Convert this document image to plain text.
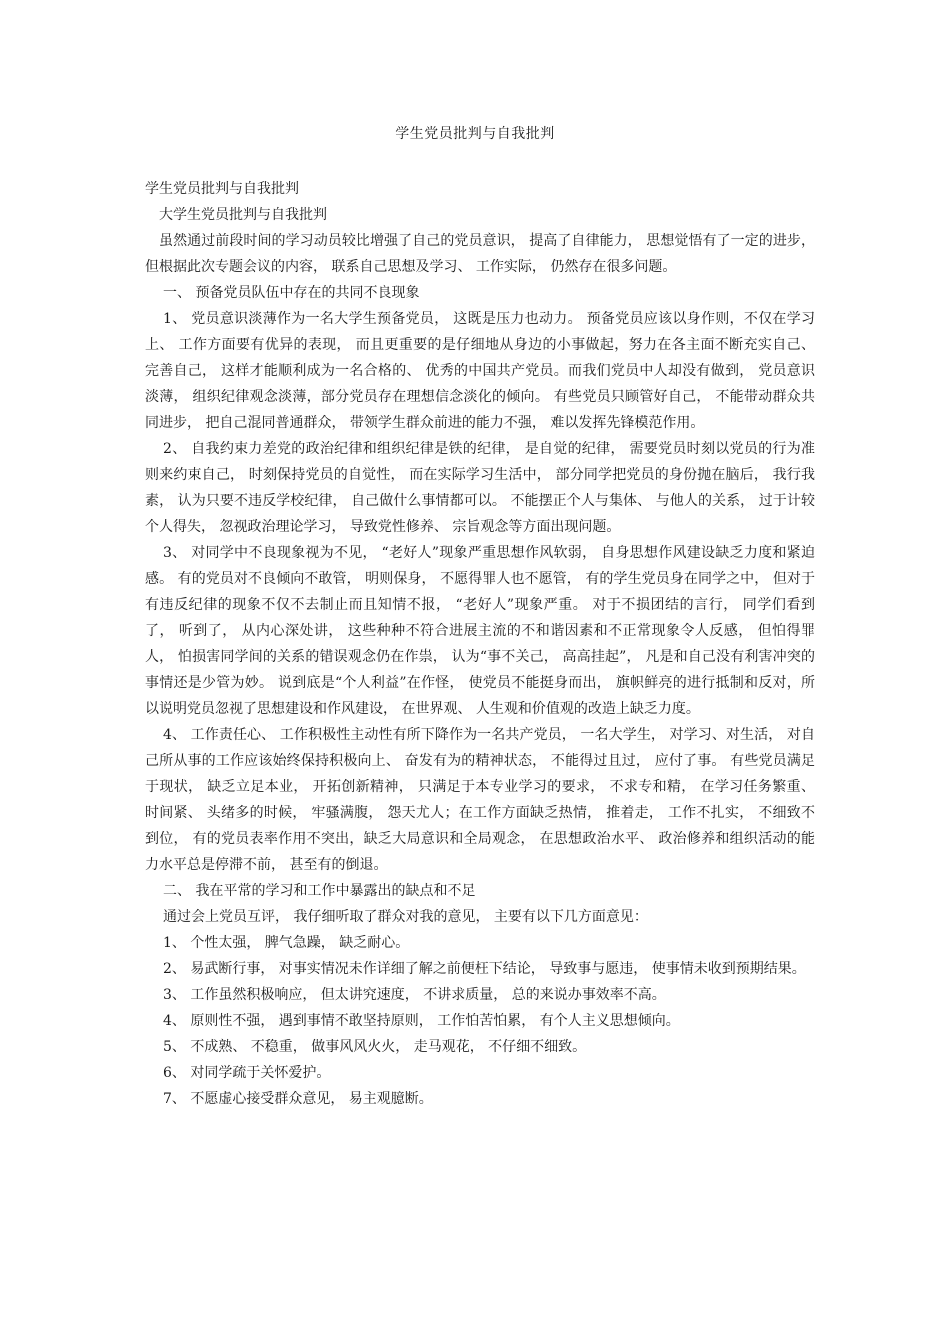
学生党员批判与自我批判

学生党员批判与自我批判

大学生党员批判与自我批判

虽然通过前段时间的学习动员较比增强了自己的党员意识， 提高了自律能力， 思想觉悟有了一定的进步， 但根据此次专题会议的内容， 联系自己思想及学习、 工作实际， 仍然存在很多问题。

一、 预备党员队伍中存在的共同不良现象

1、 党员意识淡薄作为一名大学生预备党员， 这既是压力也动力。 预备党员应该以身作则，不仅在学习上、 工作方面要有优异的表现， 而且更重要的是仔细地从身边的小事做起，努力在各主面不断充实自己、 完善自己， 这样才能顺利成为一名合格的、 优秀的中国共产党员。而我们党员中人却没有做到， 党员意识淡薄， 组织纪律观念淡薄，部分党员存在理想信念淡化的倾向。 有些党员只顾管好自己， 不能带动群众共同进步， 把自己混同普通群众， 带领学生群众前进的能力不强， 难以发挥先锋模范作用。

2、 自我约束力差党的政治纪律和组织纪律是铁的纪律， 是自觉的纪律， 需要党员时刻以党员的行为准则来约束自己， 时刻保持党员的自觉性， 而在实际学习生活中， 部分同学把党员的身份抛在脑后， 我行我素， 认为只要不违反学校纪律， 自己做什么事情都可以。 不能摆正个人与集体、 与他人的关系， 过于计较个人得失， 忽视政治理论学习， 导致党性修养、 宗旨观念等方面出现问题。

3、 对同学中不良现象视为不见， “老好人”现象严重思想作风软弱， 自身思想作风建设缺乏力度和紧迫感。 有的党员对不良倾向不敢管， 明则保身， 不愿得罪人也不愿管， 有的学生党员身在同学之中， 但对于有违反纪律的现象不仅不去制止而且知情不报， “老好人”现象严重。 对于不损团结的言行， 同学们看到了， 听到了， 从内心深处讲， 这些种种不符合进展主流的不和谐因素和不正常现象令人反感， 但怕得罪人， 怕损害同学间的关系的错误观念仍在作祟， 认为“事不关己， 高高挂起”， 凡是和自己没有利害冲突的事情还是少管为妙。 说到底是“个人利益”在作怪， 使党员不能挺身而出， 旗帜鲜亮的进行抵制和反对，所以说明党员忽视了思想建设和作风建设， 在世界观、 人生观和价值观的改造上缺乏力度。

4、 工作责任心、 工作积极性主动性有所下降作为一名共产党员， 一名大学生， 对学习、对生活， 对自己所从事的工作应该始终保持积极向上、 奋发有为的精神状态， 不能得过且过， 应付了事。 有些党员满足于现状， 缺乏立足本业， 开拓创新精神， 只满足于本专业学习的要求， 不求专和精， 在学习任务繁重、 时间紧、 头绪多的时候， 牢骚满腹， 怨天尤人；在工作方面缺乏热情， 推着走， 工作不扎实， 不细致不到位， 有的党员表率作用不突出，缺乏大局意识和全局观念， 在思想政治水平、 政治修养和组织活动的能力水平总是停滞不前， 甚至有的倒退。

二、 我在平常的学习和工作中暴露出的缺点和不足

通过会上党员互评， 我仔细听取了群众对我的意见， 主要有以下几方面意见：

1、 个性太强， 脾气急躁， 缺乏耐心。

2、 易武断行事， 对事实情况未作详细了解之前便枉下结论， 导致事与愿违， 使事情未收到预期结果。

3、 工作虽然积极响应， 但太讲究速度， 不讲求质量， 总的来说办事效率不高。

4、 原则性不强， 遇到事情不敢坚持原则， 工作怕苦怕累， 有个人主义思想倾向。

5、 不成熟、 不稳重， 做事风风火火， 走马观花， 不仔细不细致。

6、 对同学疏于关怀爱护。

7、 不愿虚心接受群众意见， 易主观臆断。
